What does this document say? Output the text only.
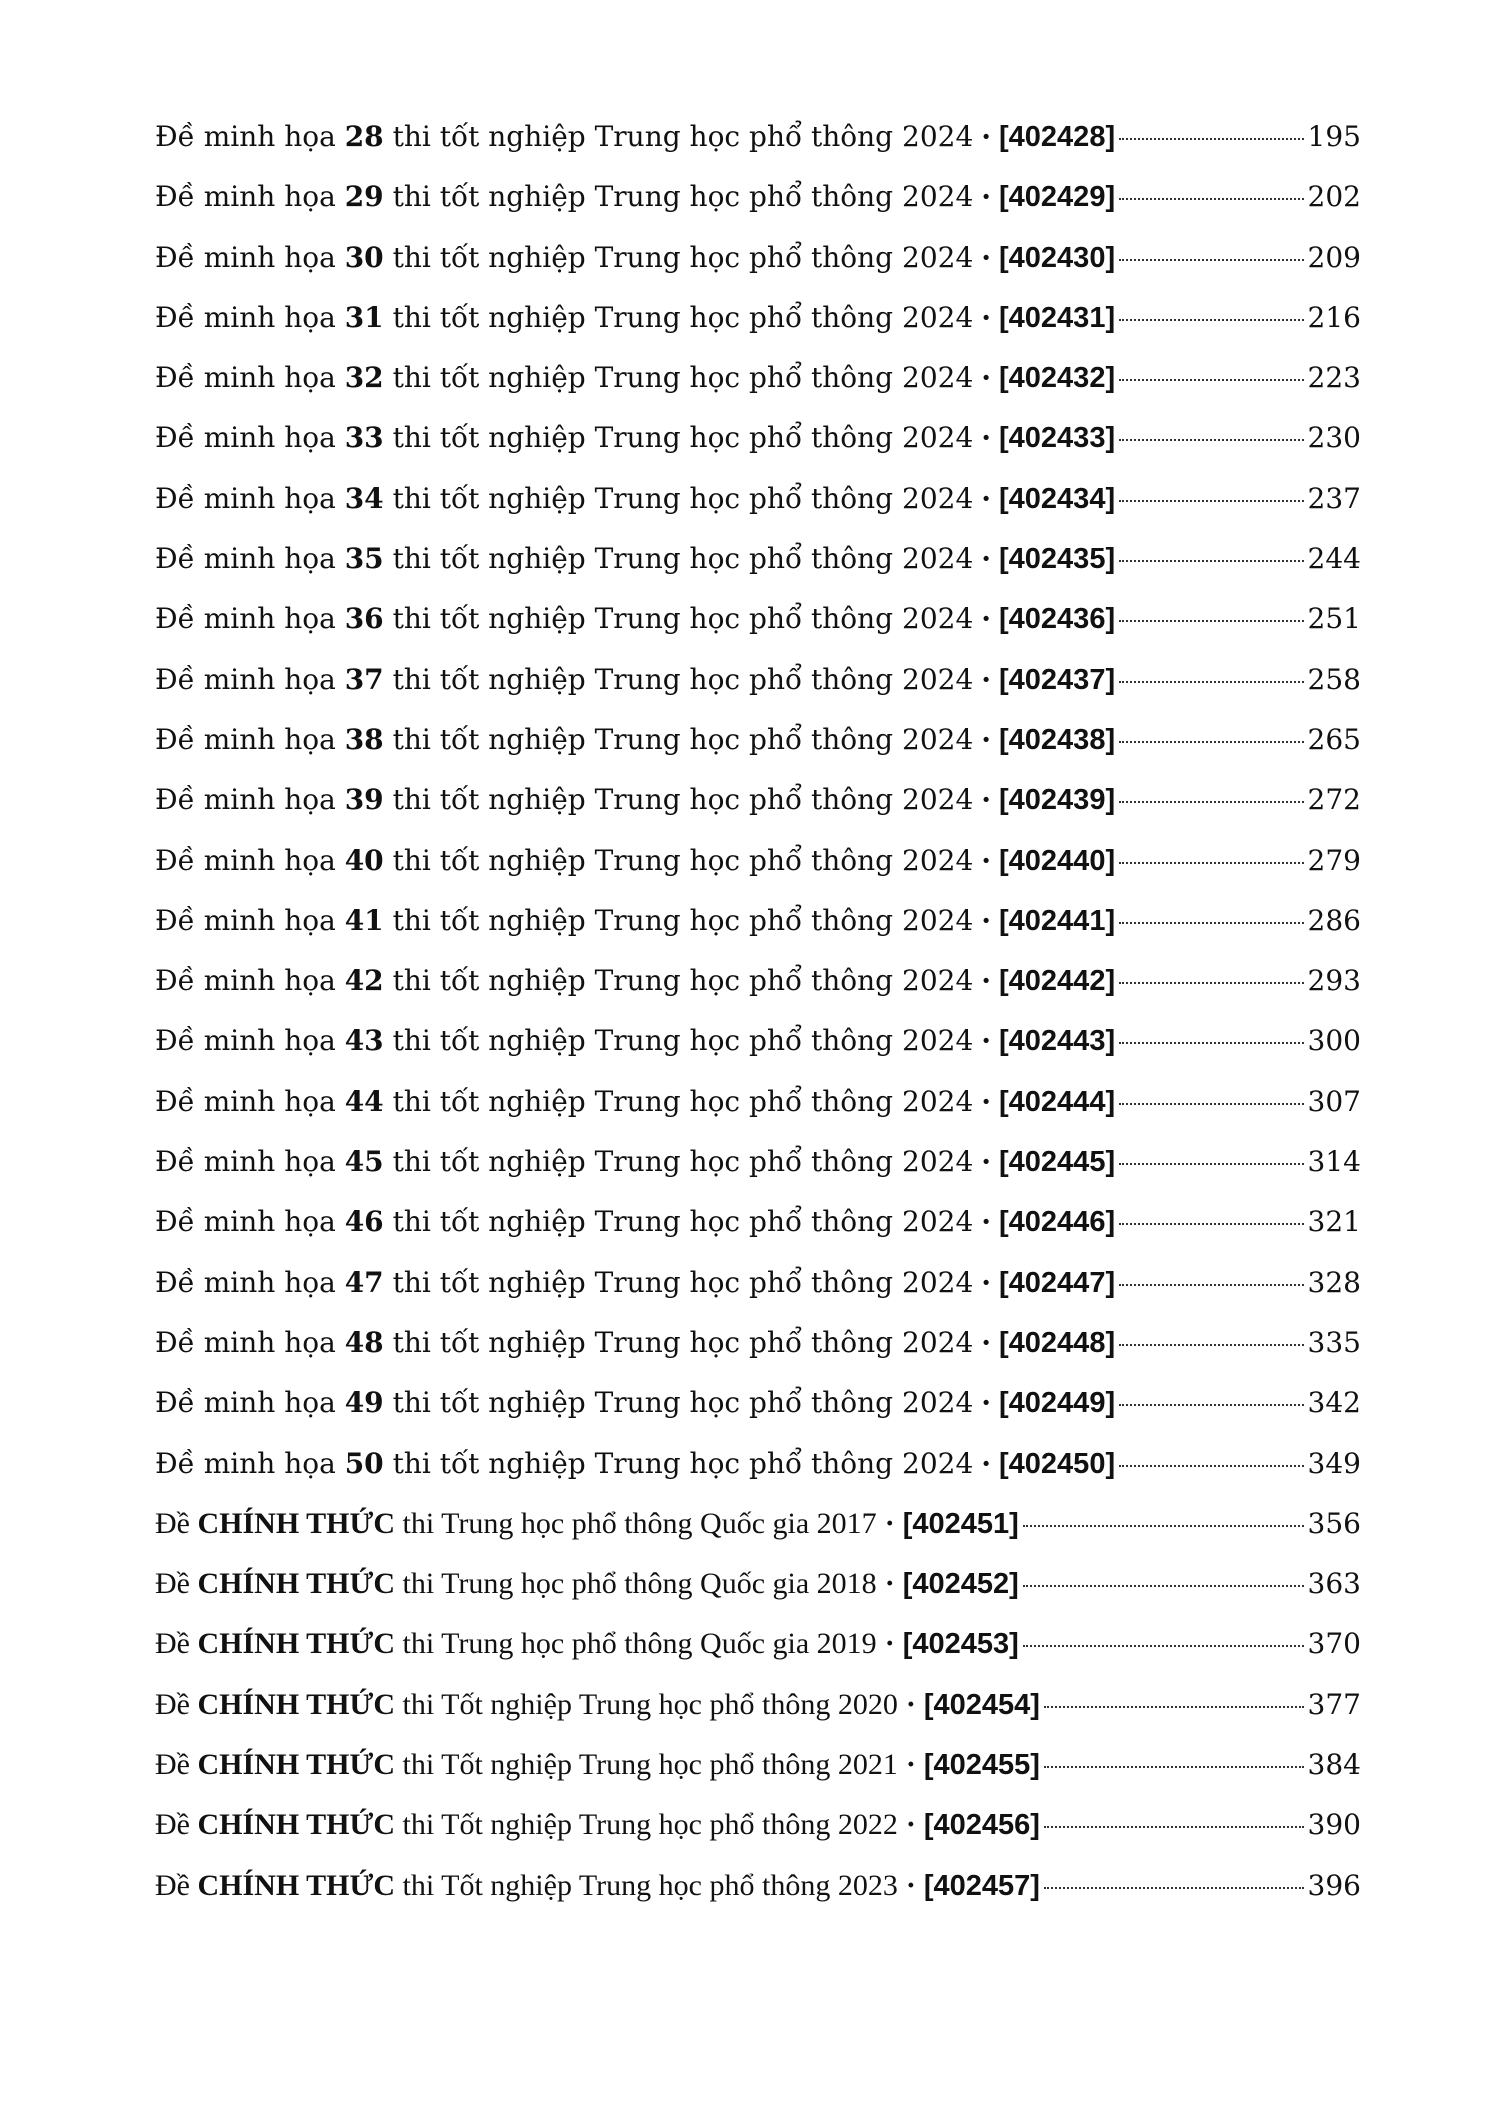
Đề minh họa 28 thi tốt nghiệp Trung học phổ thông 2024 · [402428]	195
Đề minh họa 29 thi tốt nghiệp Trung học phổ thông 2024 · [402429]	202
Đề minh họa 30 thi tốt nghiệp Trung học phổ thông 2024 · [402430]	209
Đề minh họa 31 thi tốt nghiệp Trung học phổ thông 2024 · [402431]	216
Đề minh họa 32 thi tốt nghiệp Trung học phổ thông 2024 · [402432]	223
Đề minh họa 33 thi tốt nghiệp Trung học phổ thông 2024 · [402433]	230
Đề minh họa 34 thi tốt nghiệp Trung học phổ thông 2024 · [402434]	237
Đề minh họa 35 thi tốt nghiệp Trung học phổ thông 2024 · [402435]	244
Đề minh họa 36 thi tốt nghiệp Trung học phổ thông 2024 · [402436]	251
Đề minh họa 37 thi tốt nghiệp Trung học phổ thông 2024 · [402437]	258
Đề minh họa 38 thi tốt nghiệp Trung học phổ thông 2024 · [402438]	265
Đề minh họa 39 thi tốt nghiệp Trung học phổ thông 2024 · [402439]	272
Đề minh họa 40 thi tốt nghiệp Trung học phổ thông 2024 · [402440]	279
Đề minh họa 41 thi tốt nghiệp Trung học phổ thông 2024 · [402441]	286
Đề minh họa 42 thi tốt nghiệp Trung học phổ thông 2024 · [402442]	293
Đề minh họa 43 thi tốt nghiệp Trung học phổ thông 2024 · [402443]	300
Đề minh họa 44 thi tốt nghiệp Trung học phổ thông 2024 · [402444]	307
Đề minh họa 45 thi tốt nghiệp Trung học phổ thông 2024 · [402445]	314
Đề minh họa 46 thi tốt nghiệp Trung học phổ thông 2024 · [402446]	321
Đề minh họa 47 thi tốt nghiệp Trung học phổ thông 2024 · [402447]	328
Đề minh họa 48 thi tốt nghiệp Trung học phổ thông 2024 · [402448]	335
Đề minh họa 49 thi tốt nghiệp Trung học phổ thông 2024 · [402449]	342
Đề minh họa 50 thi tốt nghiệp Trung học phổ thông 2024 · [402450]	349
Đề CHÍNH THỨC thi Trung học phổ thông Quốc gia 2017 · [402451]	356
Đề CHÍNH THỨC thi Trung học phổ thông Quốc gia 2018 · [402452]	363
Đề CHÍNH THỨC thi Trung học phổ thông Quốc gia 2019 · [402453]	370
Đề CHÍNH THỨC thi Tốt nghiệp Trung học phổ thông 2020 · [402454]	377
Đề CHÍNH THỨC thi Tốt nghiệp Trung học phổ thông 2021 · [402455]	384
Đề CHÍNH THỨC thi Tốt nghiệp Trung học phổ thông 2022 · [402456]	390
Đề CHÍNH THỨC thi Tốt nghiệp Trung học phổ thông 2023 · [402457]	396
